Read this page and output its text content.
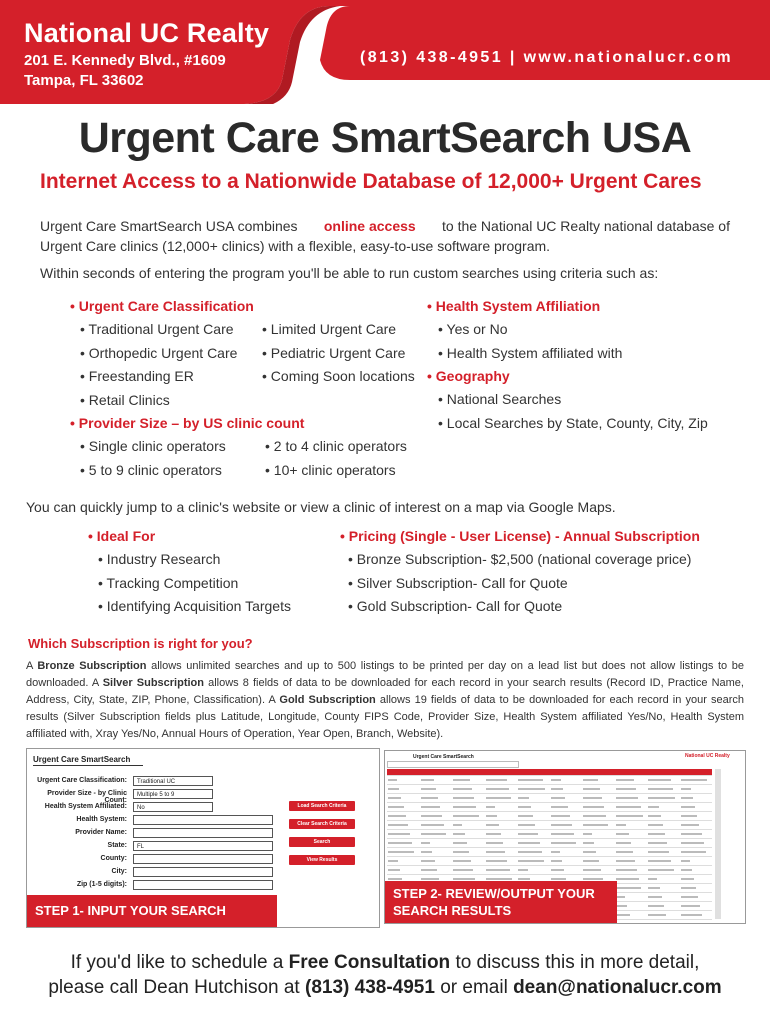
National UC Realty
201 E. Kennedy Blvd., #1609
Tampa, FL 33602
(813) 438-4951 | www.nationalucr.com
Urgent Care SmartSearch USA
Internet Access to a Nationwide Database of 12,000+ Urgent Cares
Urgent Care SmartSearch USA combines online access to the National UC Realty national database of
Urgent Care clinics (12,000+ clinics) with a flexible, easy-to-use software program.
Within seconds of entering the program you'll be able to run custom searches using criteria such as:
• Urgent Care Classification
• Traditional Urgent Care
• Orthopedic Urgent Care
• Freestanding ER
• Retail Clinics
• Limited Urgent Care
• Pediatric Urgent Care
• Coming Soon locations
• Provider Size – by US clinic count
• Single clinic operators
• 5 to 9 clinic operators
• 2 to 4 clinic operators
• 10+ clinic operators
• Health System Affiliation
• Yes or No
• Health System affiliated with
• Geography
• National Searches
• Local Searches by State, County, City, Zip
You can quickly jump to a clinic's website or view a clinic of interest on a map via Google Maps.
• Ideal For
• Industry Research
• Tracking Competition
• Identifying Acquisition Targets
• Pricing (Single - User License) - Annual Subscription
• Bronze Subscription- $2,500 (national coverage price)
• Silver Subscription- Call for Quote
• Gold Subscription- Call for Quote
Which Subscription is right for you?
A Bronze Subscription allows unlimited searches and up to 500 listings to be printed per day on a lead list but does not allow listings to be downloaded. A Silver Subscription allows 8 fields of data to be downloaded for each record in your search results (Record ID, Practice Name, Address, City, State, ZIP, Phone, Classification). A Gold Subscription allows 19 fields of data to be downloaded for each record in your search results (Silver Subscription fields plus Latitude, Longitude, County FIPS Code, Provider Size, Health System affiliated Yes/No, Health System affiliated with, Xray Yes/No, Annual Hours of Operation, Year Open, Branch, Website).
Urgent Care SmartSearch
Urgent Care Classification:	Traditional UC
Provider Size - by Clinic Count:
Multiple 5 to 9
Health System Affiliated:	No
Health System:
Provider Name:
State:	FL
County:
City:
Zip (1-5 digits):
Load Search Criteria
Clear Search Criteria
Search
View Results
STEP 1- INPUT YOUR SEARCH CRITERA
Urgent Care SmartSearch	National UC Realty

STEP 2- REVIEW/OUTPUT YOUR
SEARCH RESULTS
If you'd like to schedule a Free Consultation to discuss this in more detail,
please call Dean Hutchison at (813) 438-4951 or email dean@nationalucr.com
